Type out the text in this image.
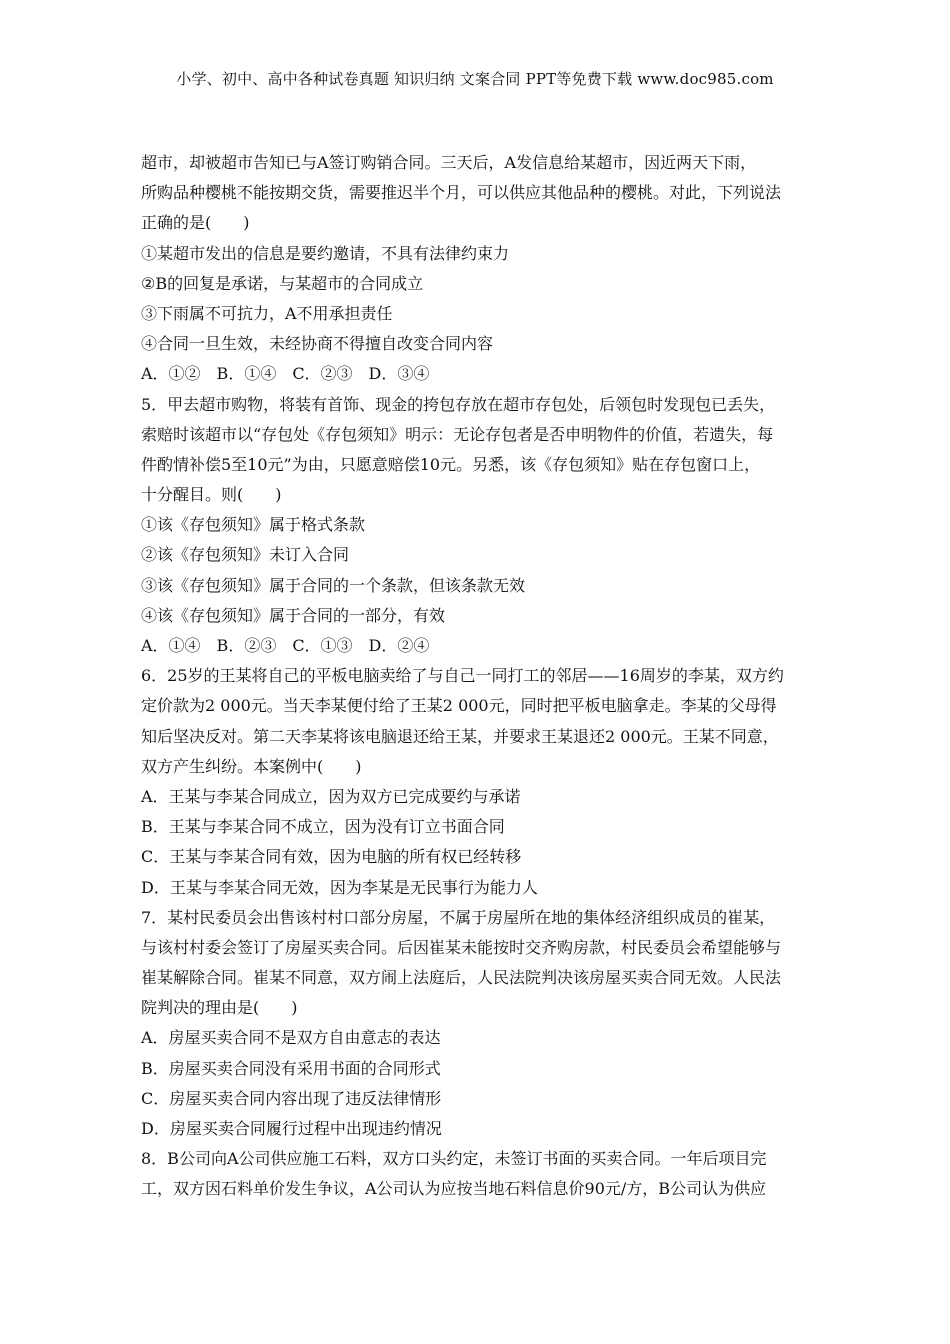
小学、初中、高中各种试卷真题 知识归纳 文案合同 PPT等免费下载 www.doc985.com
超市，却被超市告知已与A签订购销合同。三天后，A发信息给某超市，因近两天下雨，
所购品种樱桃不能按期交货，需要推迟半个月，可以供应其他品种的樱桃。对此，下列说法
正确的是(　　)
①某超市发出的信息是要约邀请，不具有法律约束力
②B的回复是承诺，与某超市的合同成立
③下雨属不可抗力，A不用承担责任
④合同一旦生效，未经协商不得擅自改变合同内容
A．①②　B．①④　C．②③　D．③④
5．甲去超市购物，将装有首饰、现金的挎包存放在超市存包处，后领包时发现包已丢失，
索赔时该超市以“存包处《存包须知》明示：无论存包者是否申明物件的价值，若遗失，每
件酌情补偿5至10元”为由，只愿意赔偿10元。另悉，该《存包须知》贴在存包窗口上，
十分醒目。则(　　)
①该《存包须知》属于格式条款
②该《存包须知》未订入合同
③该《存包须知》属于合同的一个条款，但该条款无效
④该《存包须知》属于合同的一部分，有效
A．①④　B．②③　C．①③　D．②④
6．25岁的王某将自己的平板电脑卖给了与自己一同打工的邻居——16周岁的李某，双方约
定价款为2 000元。当天李某便付给了王某2 000元，同时把平板电脑拿走。李某的父母得
知后坚决反对。第二天李某将该电脑退还给王某，并要求王某退还2 000元。王某不同意，
双方产生纠纷。本案例中(　　)
A．王某与李某合同成立，因为双方已完成要约与承诺
B．王某与李某合同不成立，因为没有订立书面合同
C．王某与李某合同有效，因为电脑的所有权已经转移
D．王某与李某合同无效，因为李某是无民事行为能力人
7．某村民委员会出售该村村口部分房屋，不属于房屋所在地的集体经济组织成员的崔某，
与该村村委会签订了房屋买卖合同。后因崔某未能按时交齐购房款，村民委员会希望能够与
崔某解除合同。崔某不同意，双方闹上法庭后，人民法院判决该房屋买卖合同无效。人民法
院判决的理由是(　　)
A．房屋买卖合同不是双方自由意志的表达
B．房屋买卖合同没有采用书面的合同形式
C．房屋买卖合同内容出现了违反法律情形
D．房屋买卖合同履行过程中出现违约情况
8．B公司向A公司供应施工石料，双方口头约定，未签订书面的买卖合同。一年后项目完
工，双方因石料单价发生争议，A公司认为应按当地石料信息价90元/方，B公司认为供应
